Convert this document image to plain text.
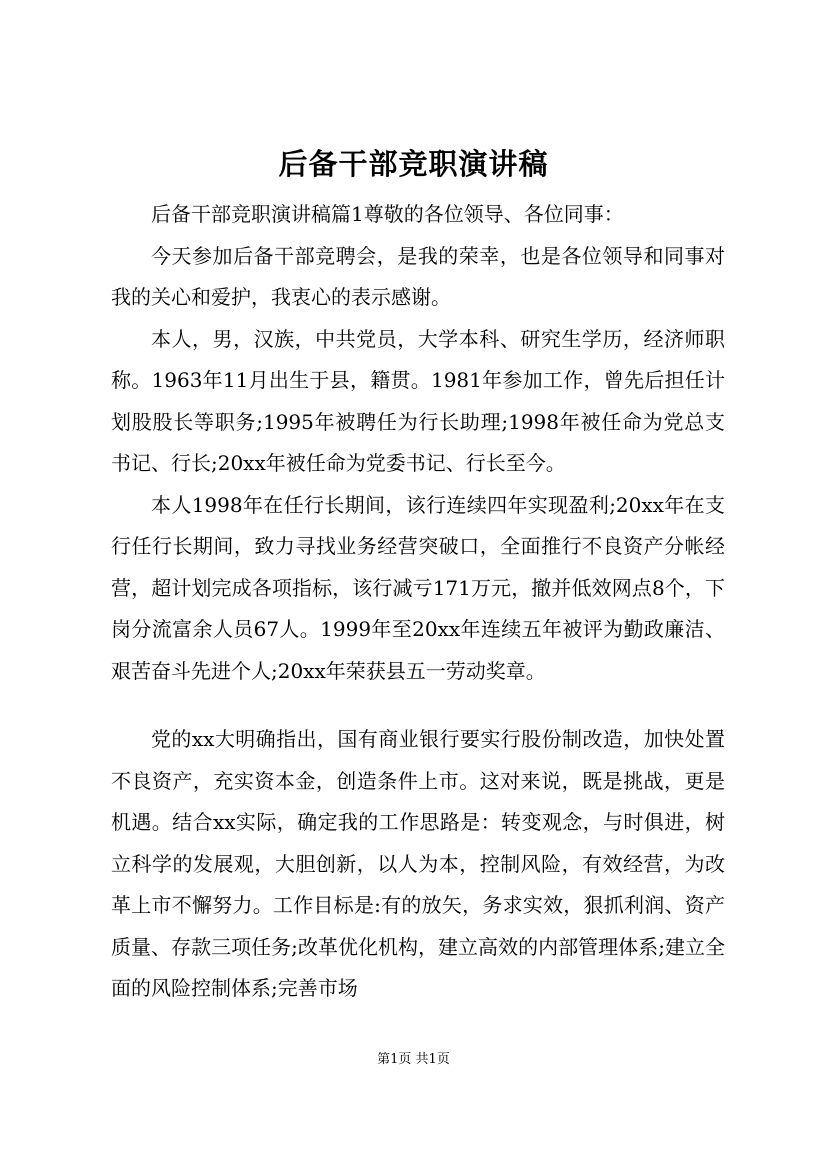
后备干部竞职演讲稿

后备干部竞职演讲稿篇1尊敬的各位领导、各位同事：

今天参加后备干部竞聘会，是我的荣幸，也是各位领导和同事对我的关心和爱护，我衷心的表示感谢。

本人，男，汉族，中共党员，大学本科、研究生学历，经济师职称。1963年11月出生于县，籍贯。1981年参加工作，曾先后担任计划股股长等职务;1995年被聘任为行长助理;1998年被任命为党总支书记、行长;20xx年被任命为党委书记、行长至今。

本人1998年在任行长期间，该行连续四年实现盈利;20xx年在支行任行长期间，致力寻找业务经营突破口，全面推行不良资产分帐经营，超计划完成各项指标，该行减亏171万元，撤并低效网点8个，下岗分流富余人员67人。1999年至20xx年连续五年被评为勤政廉洁、艰苦奋斗先进个人;20xx年荣获县五一劳动奖章。

党的xx大明确指出，国有商业银行要实行股份制改造，加快处置不良资产，充实资本金，创造条件上市。这对来说，既是挑战，更是机遇。结合xx实际，确定我的工作思路是：转变观念，与时俱进，树立科学的发展观，大胆创新，以人为本，控制风险，有效经营，为改革上市不懈努力。工作目标是:有的放矢，务求实效，狠抓利润、资产质量、存款三项任务;改革优化机构，建立高效的内部管理体系;建立全面的风险控制体系;完善市场

第1页 共1页
